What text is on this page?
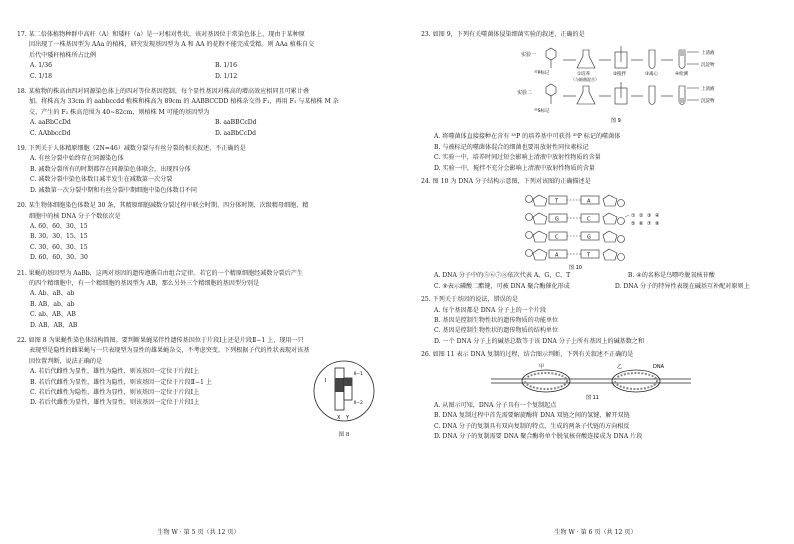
17. 某二倍体植物种群中高秆（A）和矮秆（a）是一对相对性状，该对基因位于常染色体上，现由于某种原

因出现了一株基因型为 AAa 的植株，研究发现基因型为 A 和 AA 的花粉不能完成受精。则 AAa 植株自交

后代中矮秆植株所占比例

A. 1/36	B. 1/16
C. 1/18	D. 1/12

18. 某植物的株高由四对同源染色体上的四对等位基因控制，每个显性基因对株高的增高效应相同且可累计叠

加。将株高为 33cm 的 aabbccdd 植株和株高为 89cm 的 AABBCCDD 植株杂交得 F₁，再用 F₁ 与某植株 M 杂

交，产生的 F₂ 株高范围为 40~82cm，则植株 M 可能的基因型为

A. aaBbCcDd	B. aaBBCcDd
C. AAbbccDd	D. aaBbCcDd

19. 下列关于人体精原细胞（2N=46）减数分裂与有丝分裂的相关叙述，不正确的是

A. 有丝分裂中始终存在同源染色体
B. 减数分裂所有的时期都存在同源染色体联会，出现四分体
C. 减数分裂中染色体数目减半发生在减数第一次分裂
D. 减数第一次分裂中期和有丝分裂中期细胞中染色体数目不同

20. 某生物体细胞染色体数是 30 条，其精原细胞减数分裂过程中联会时期、四分体时期、次级精母细胞、精

细胞中的核 DNA 分子个数依次是

A. 60、60、30、15
B. 30、30、15、15
C. 30、60、30、15
D. 60、60、30、30

21. 果蝇的基因型为 AaBb，这两对基因的遗传遵循自由组合定律。若它的一个精原细胞经减数分裂后产生

的四个精细胞中，有一个精细胞的基因型为 AB，那么另外三个精细胞的基因型分别是

A. Ab、aB、ab
B. AB、ab、ab
C. ab、AB、AB
D. AB、AB、AB

22. 如图 8 为果蝇性染色体结构简图。要判断果蝇某伴性遗传基因位于片段Ⅰ上还是片段Ⅱ−1 上，现用一只

表现型是隐性的雌果蝇与一只表现型为显性的雄果蝇杂交，不考虑突变。下列根据子代的性状表现对该基

因位置判断，说法正确的是

A. 若后代雌性为显性，雄性为隐性，则该基因一定位于片段Ⅰ上
B. 若后代雌性为显性，雄性为隐性，则该基因一定位于片段Ⅱ−1 上
C. 若后代雌性为隐性，雄性为显性，则该基因一定位于片段Ⅰ上
D. 若后代雌性为显性，雄性为显性，则该基因一定位于片段Ⅰ上
Ⅰ
Ⅱ−1
Ⅱ−2
X Y
图 8
生物 W · 第 5 页（共 12 页）

23. 如图 9，下列有关噬菌体侵染细菌实验的叙述，正确的是

实验一
实验二
³²P标记
³⁵S标记
①培养
（与细菌混合）
②搅拌	③离心	④检测
上清液
沉淀物
上清液
沉淀物
图 9
A. 将噬菌体直接接种在含有 ³⁵P 的培养基中可获得 ³⁵P 标记的噬菌体
B. 与被标记的噬菌体混合的细菌也要用放射性同位素标记
C. 实验一中，培养时间过短会影响上清液中放射性物质的含量
D. 实验一中，搅拌不充分会影响上清液中放射性物质的含量

24. 图 10 为 DNA 分子结构示意图，下列对该图的正确描述是

T	A
G	C
C	G
A	T
① ② ③ ④
⑤ ⑥ ⑦ ⑧
图 10
A. DNA 分子中的⑤⑥⑦⑧依次代表 A、G、C、T	B. ④的名称是鸟嘌呤脱氧核苷酸
C. ⑨表示磷酸二酯键，可被 DNA 聚合酶催化形成	D. DNA 分子的特异性表现在碱基互补配对原则上

25. 下列关于基因的说法，错误的是

A. 每个基因都是 DNA 分子上的一个片段
B. 基因是控制生物性状的遗传物质的功能单位
C. 基因是控制生物性状的遗传物质的结构单位
D. 一个 DNA 分子上的碱基总数等于该 DNA 分子上所有基因上的碱基数之和

26. 如图 11 表示 DNA 复制的过程，结合图示判断，下列有关叙述不正确的是

甲	乙	DNA
图 11
A. 从图示可知，DNA 分子具有一个复制起点
B. DNA 复制过程中首先需要解旋酶将 DNA 双链之间的氢键，解开双链
C. DNA 分子的复制具有双向复制的特点，生成的两条子代链的方向相反
D. DNA 分子的复制需要 DNA 聚合酶将单个脱氧核苷酸连接成为 DNA 片段
生物 W · 第 6 页（共 12 页）
